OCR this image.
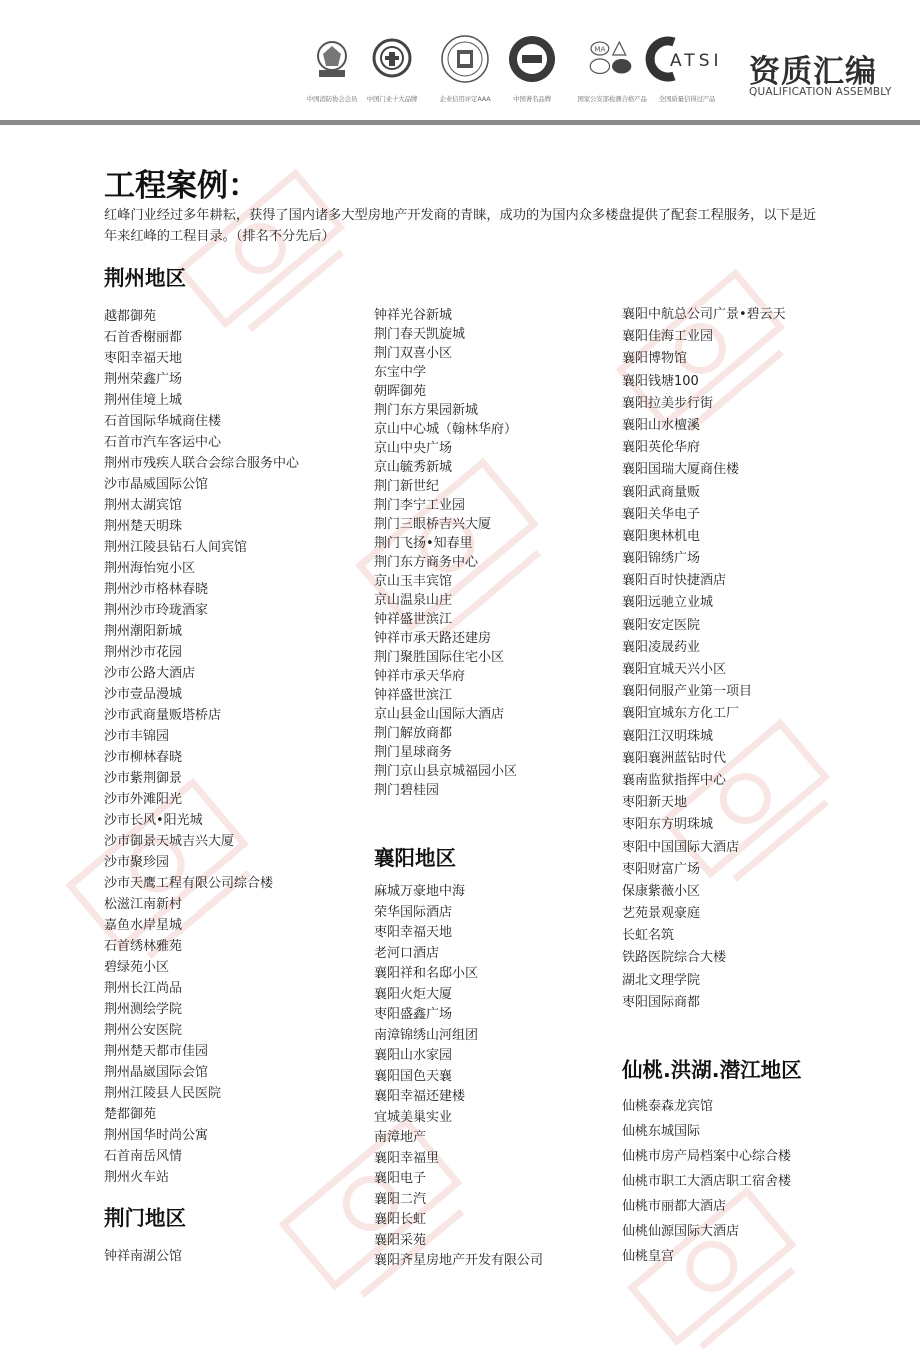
中国消防协会会员	中国门业十大品牌	企业信用评定AAA	中国著名品牌
MA
国家公安部检测合格产品
ATSI
全国质量信得过产品
资质汇编
QUALIFICATION ASSEMBLY
工程案例：

红峰门业经过多年耕耘，获得了国内诸多大型房地产开发商的青睐，成功的为国内众多楼盘提供了配套工程服务，以下是近年来红峰的工程目录。（排名不分先后）

荆州地区
越都御苑
石首香榭丽都
枣阳幸福天地
荆州荣鑫广场
荆州佳境上城
石首国际华城商住楼
石首市汽车客运中心
荆州市残疾人联合会综合服务中心
沙市晶威国际公馆
荆州太湖宾馆
荆州楚天明珠
荆州江陵县钻石人间宾馆
荆州海怡宛小区
荆州沙市格林春晓
荆州沙市玲珑酒家
荆州潮阳新城
荆州沙市花园
沙市公路大酒店
沙市壹品漫城
沙市武商量贩塔桥店
沙市丰锦园
沙市柳林春晓
沙市紫荆御景
沙市外滩阳光
沙市长风•阳光城
沙市御景天城吉兴大厦
沙市聚珍园
沙市天鹰工程有限公司综合楼
松滋江南新村
嘉鱼水岸星城
石首绣林雅苑
碧绿苑小区
荆州长江尚品
荆州测绘学院
荆州公安医院
荆州楚天都市佳园
荆州晶崴国际会馆
荆州江陵县人民医院
楚都御苑
荆州国华时尚公寓
石首南岳风情
荆州火车站
荆门地区
钟祥南湖公馆
钟祥光谷新城
荆门春天凯旋城
荆门双喜小区
东宝中学
朝晖御苑
荆门东方果园新城
京山中心城（翰林华府）
京山中央广场
京山毓秀新城
荆门新世纪
荆门李宁工业园
荆门三眼桥吉兴大厦
荆门飞扬•知春里
荆门东方商务中心
京山玉丰宾馆
京山温泉山庄
钟祥盛世滨江
钟祥市承天路还建房
荆门聚胜国际住宅小区
钟祥市承天华府
钟祥盛世滨江
京山县金山国际大酒店
荆门解放商都
荆门星球商务
荆门京山县京城福园小区
荆门碧桂园
襄阳地区
麻城万豪地中海
荣华国际酒店
枣阳幸福天地
老河口酒店
襄阳祥和名邸小区
襄阳火炬大厦
枣阳盛鑫广场
南漳锦绣山河组团
襄阳山水家园
襄阳国色天襄
襄阳幸福还建楼
宜城美巢实业
南漳地产
襄阳幸福里
襄阳电子
襄阳二汽
襄阳长虹
襄阳采苑
襄阳齐星房地产开发有限公司
襄阳中航总公司广景•碧云天
襄阳佳海工业园
襄阳博物馆
襄阳钱塘100
襄阳拉美步行街
襄阳山水檀溪
襄阳英伦华府
襄阳国瑞大厦商住楼
襄阳武商量贩
襄阳关华电子
襄阳奥林机电
襄阳锦绣广场
襄阳百时快捷酒店
襄阳远驰立业城
襄阳安定医院
襄阳凌晟药业
襄阳宜城天兴小区
襄阳伺服产业第一项目
襄阳宜城东方化工厂
襄阳江汉明珠城
襄阳襄洲蓝钻时代
襄南监狱指挥中心
枣阳新天地
枣阳东方明珠城
枣阳中国国际大酒店
枣阳财富广场
保康紫薇小区
艺苑景观豪庭
长虹名筑
铁路医院综合大楼
湖北文理学院
枣阳国际商都
仙桃.洪湖.潜江地区
仙桃泰森龙宾馆
仙桃东城国际
仙桃市房产局档案中心综合楼
仙桃市职工大酒店职工宿舍楼
仙桃市丽都大酒店
仙桃仙源国际大酒店
仙桃皇宫
